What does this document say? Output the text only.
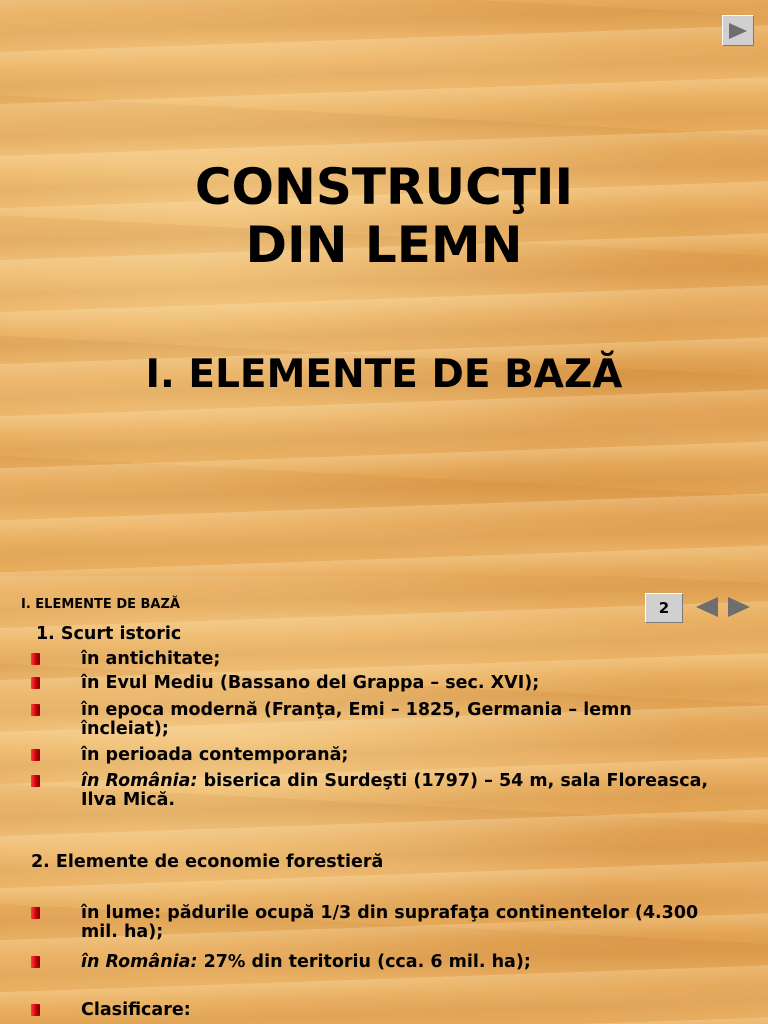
CONSTRUCŢII
DIN LEMN
I. ELEMENTE DE BAZĂ
I. ELEMENTE DE BAZĂ	2
1. Scurt istoric
în antichitate;
în Evul Mediu (Bassano del Grappa – sec. XVI);
în epoca modernă (Franţa, Emi – 1825, Germania – lemn încleiat);
în perioada contemporană;
în România: biserica din Surdeşti (1797) – 54 m, sala Floreasca, Ilva Mică.
2. Elemente de economie forestieră
în lume: pădurile ocupă 1/3 din suprafaţa continentelor (4.300 mil. ha);
în România: 27% din teritoriu (cca. 6 mil. ha);
Clasificare:
